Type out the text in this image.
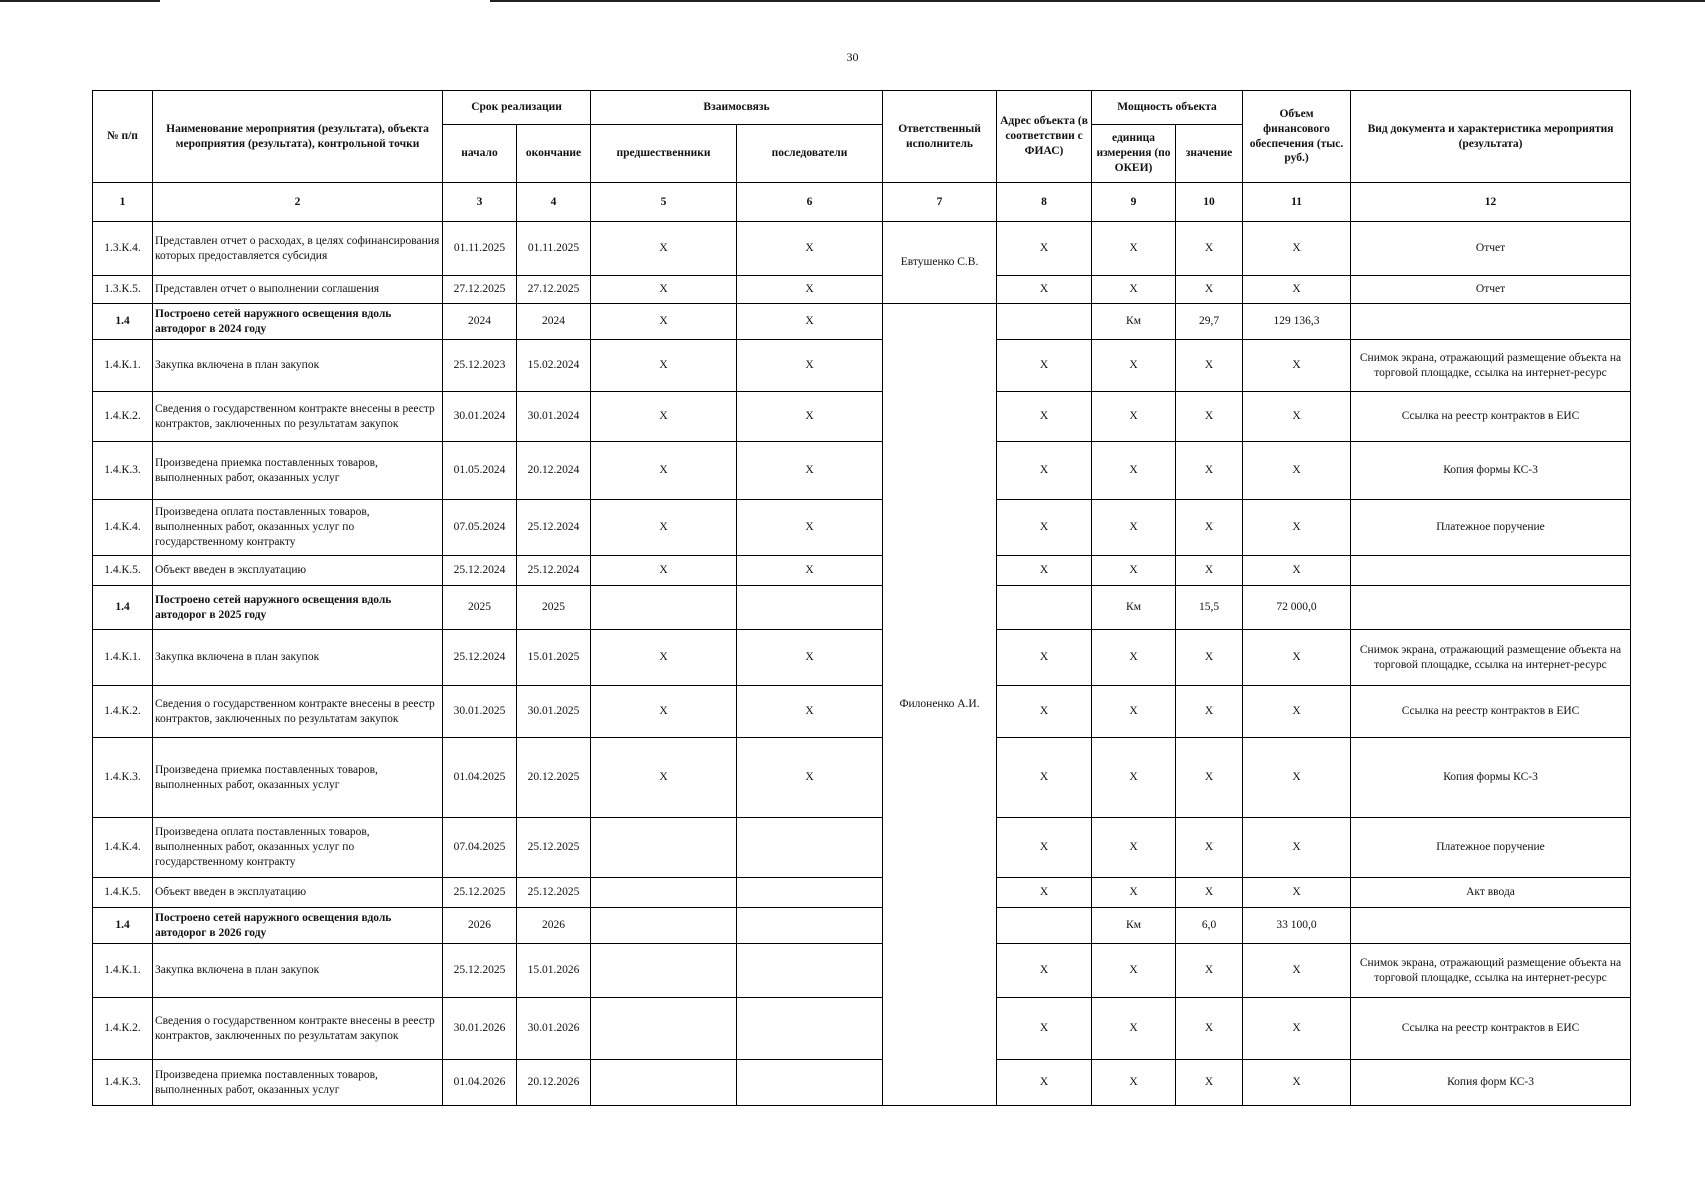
30
№ п/п	Наименование мероприятия (результата), объекта мероприятия (результата), контрольной точки	Срок реализации		Взаимосвязь		Ответственный исполнитель	Адрес объекта (в соответствии с ФИАС)	Мощность объекта		Объем финансового обеспечения (тыс. руб.)	Вид документа и характеристика мероприятия (результата)
		начало	окончание	предшественники	последователи			единица измерения (по ОКЕИ)	значение		
1	2	3	4	5	6	7	8	9	10	11	12
1.3.К.4.	Представлен отчет о расходах, в целях софинансирования которых предоставляется субсидия	01.11.2025	01.11.2025	X	X	Евтушенко С.В.	X	X	X	X	Отчет
1.3.К.5.	Представлен отчет о выполнении соглашения	27.12.2025	27.12.2025	X	X		X	X	X	X	Отчет
1.4	Построено сетей наружного освещения вдоль автодорог в 2024 году	2024	2024	X	X	Филоненко А.И.		Км	29,7	129 136,3	
1.4.К.1.	Закупка включена в план закупок	25.12.2023	15.02.2024	X	X		X	X	X	X	Снимок экрана, отражающий размещение объекта на торговой площадке, ссылка на интернет-ресурс
1.4.К.2.	Сведения о государственном контракте внесены в реестр контрактов, заключенных по результатам закупок	30.01.2024	30.01.2024	X	X		X	X	X	X	Ссылка на реестр контрактов в ЕИС
1.4.К.3.	Произведена приемка поставленных товаров, выполненных работ, оказанных услуг	01.05.2024	20.12.2024	X	X		X	X	X	X	Копия формы КС-3
1.4.К.4.	Произведена оплата поставленных товаров, выполненных работ, оказанных услуг по государственному контракту	07.05.2024	25.12.2024	X	X		X	X	X	X	Платежное поручение
1.4.К.5.	Объект введен в эксплуатацию	25.12.2024	25.12.2024	X	X		X	X	X	X	
1.4	Построено сетей наружного освещения вдоль автодорог в 2025 году	2025	2025					Км	15,5	72 000,0	
1.4.К.1.	Закупка включена в план закупок	25.12.2024	15.01.2025	X	X		X	X	X	X	Снимок экрана, отражающий размещение объекта на торговой площадке, ссылка на интернет-ресурс
1.4.К.2.	Сведения о государственном контракте внесены в реестр контрактов, заключенных по результатам закупок	30.01.2025	30.01.2025	X	X		X	X	X	X	Ссылка на реестр контрактов в ЕИС
1.4.К.3.	Произведена приемка поставленных товаров, выполненных работ, оказанных услуг	01.04.2025	20.12.2025	X	X		X	X	X	X	Копия формы КС-3
1.4.К.4.	Произведена оплата поставленных товаров, выполненных работ, оказанных услуг по государственному контракту	07.04.2025	25.12.2025				X	X	X	X	Платежное поручение
1.4.К.5.	Объект введен в эксплуатацию	25.12.2025	25.12.2025				X	X	X	X	Акт ввода
1.4	Построено сетей наружного освещения вдоль автодорог в 2026 году	2026	2026					Км	6,0	33 100,0	
1.4.К.1.	Закупка включена в план закупок	25.12.2025	15.01.2026				X	X	X	X	Снимок экрана, отражающий размещение объекта на торговой площадке, ссылка на интернет-ресурс
1.4.К.2.	Сведения о государственном контракте внесены в реестр контрактов, заключенных по результатам закупок	30.01.2026	30.01.2026				X	X	X	X	Ссылка на реестр контрактов в ЕИС
1.4.К.3.	Произведена приемка поставленных товаров, выполненных работ, оказанных услуг	01.04.2026	20.12.2026				X	X	X	X	Копия форм КС-3
